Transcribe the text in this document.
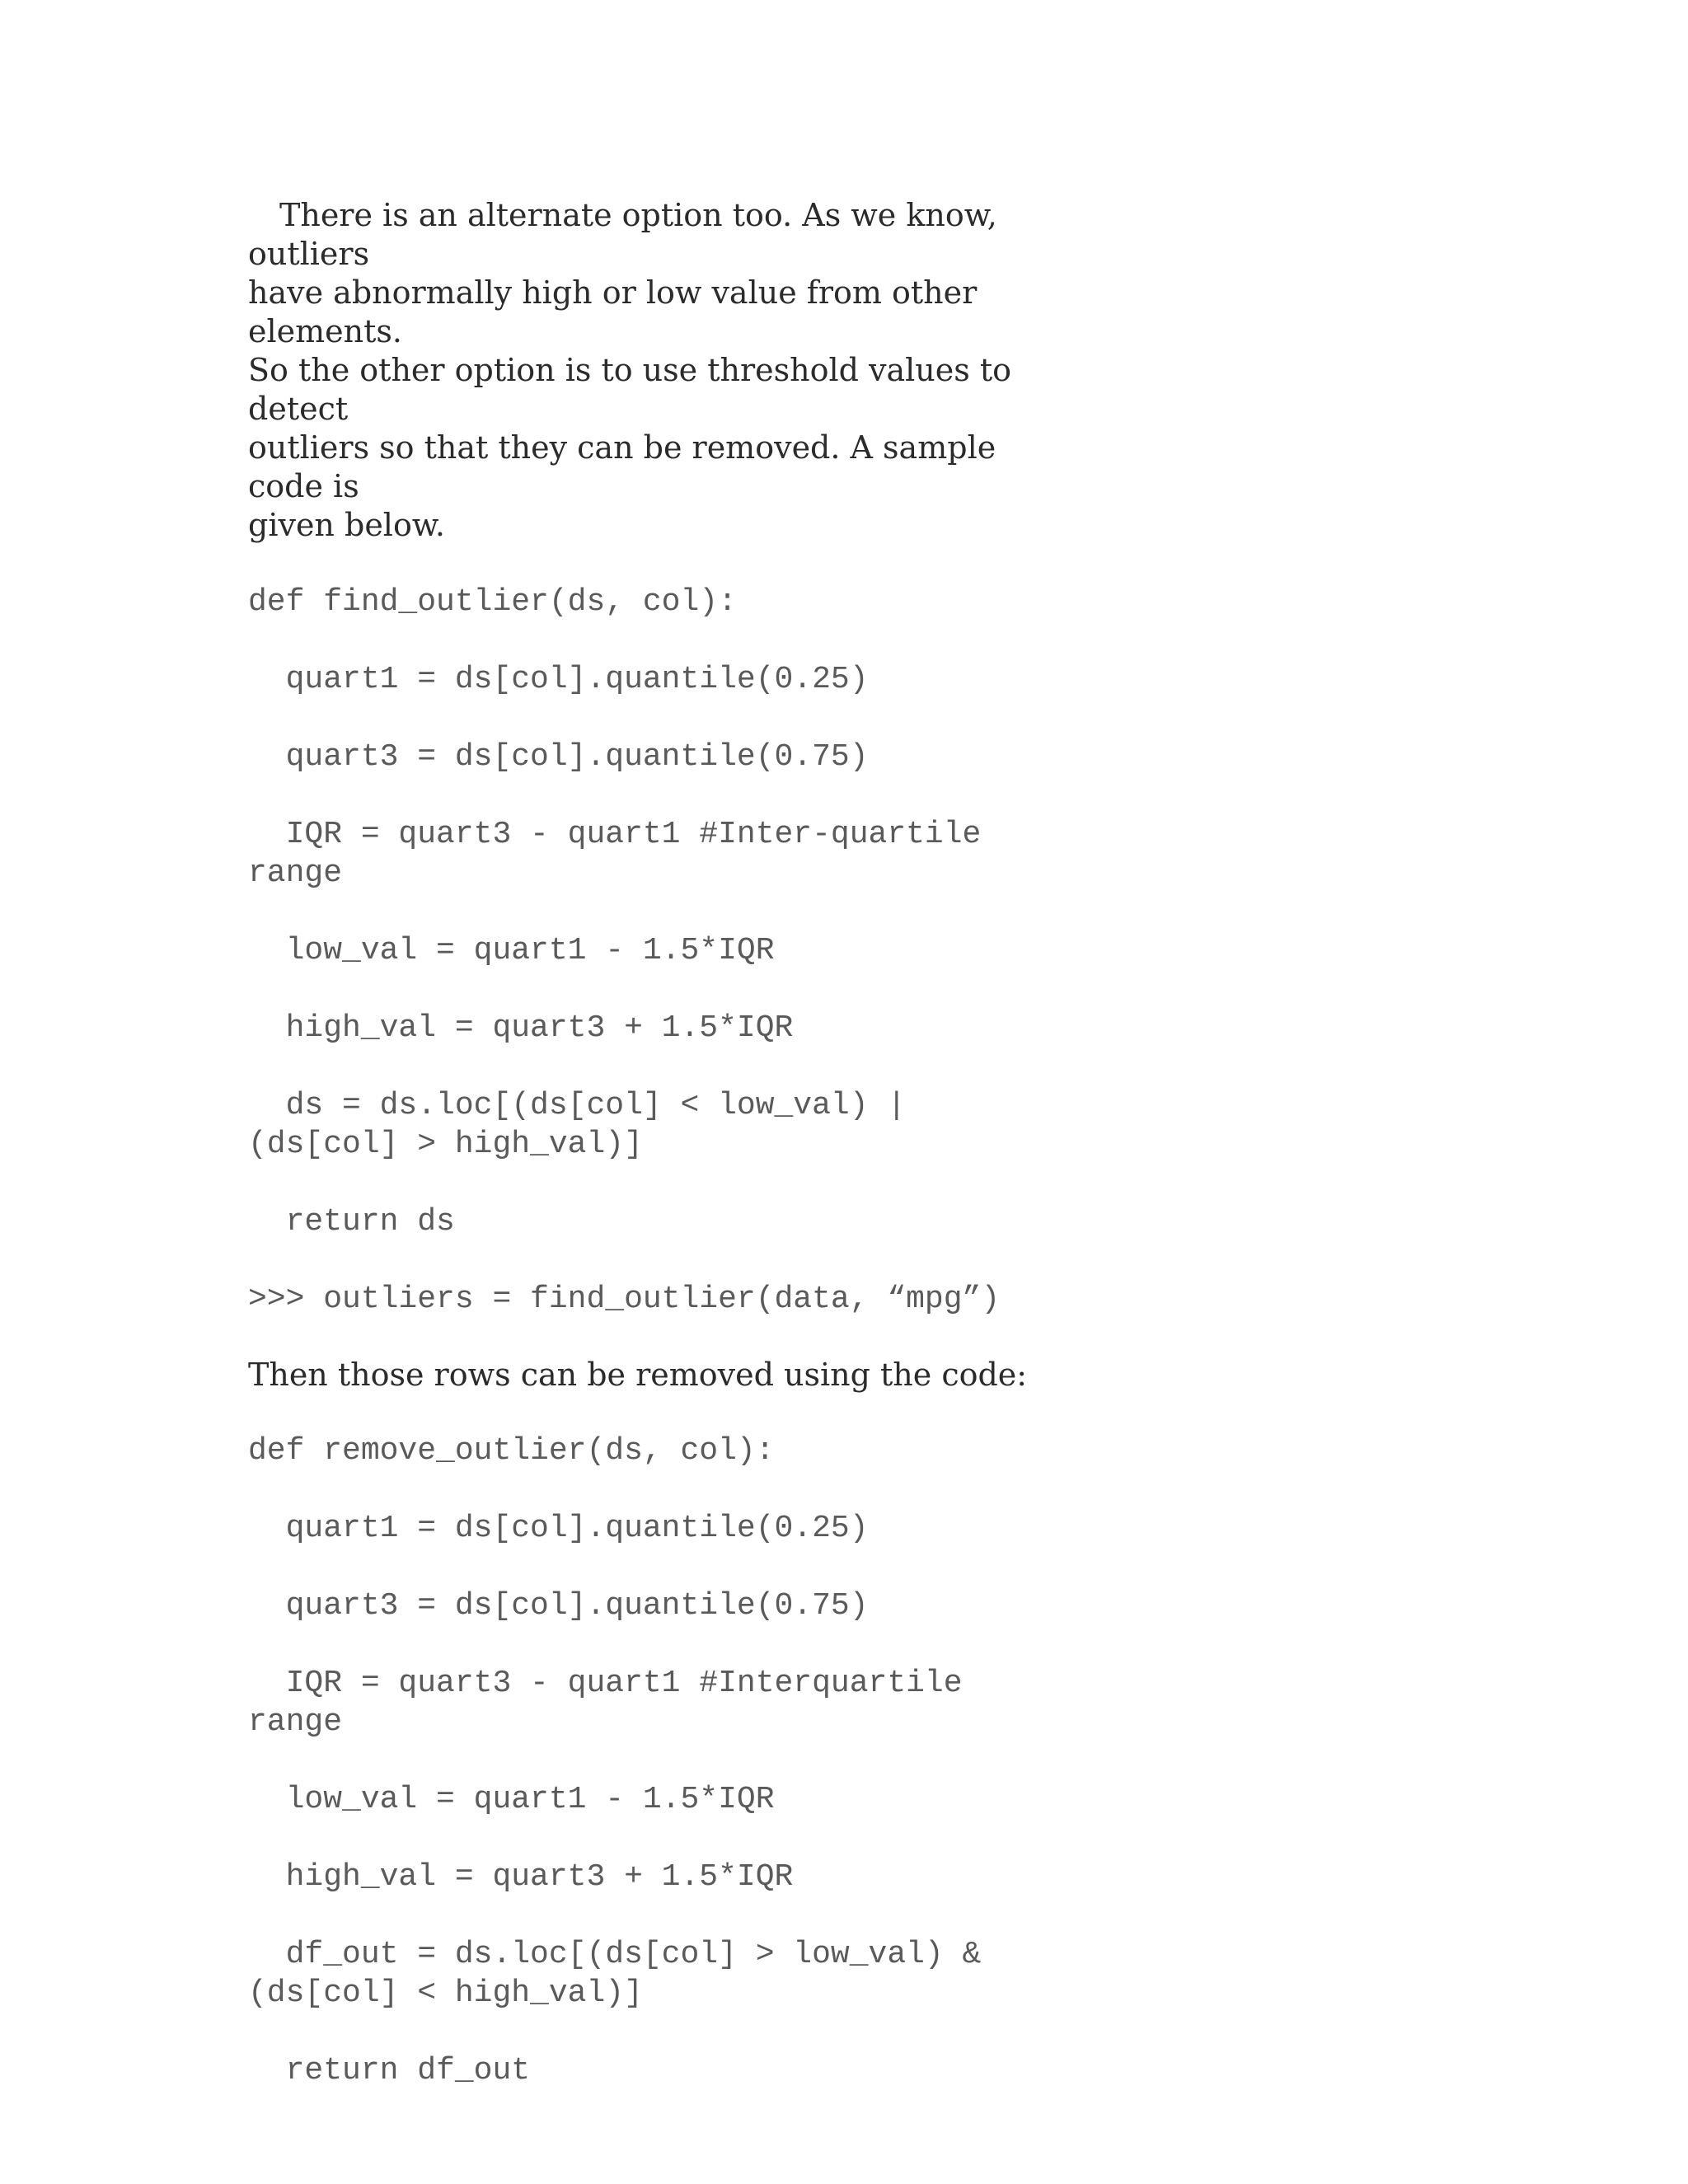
There is an alternate option too. As we know, outliers
have abnormally high or low value from other elements.
So the other option is to use threshold values to detect
outliers so that they can be removed. A sample code is
given below.

def find_outlier(ds, col):

quart1 = ds[col].quantile(0.25)

quart3 = ds[col].quantile(0.75)

IQR = quart3 - quart1 #Inter-quartile
range

low_val = quart1 - 1.5*IQR

high_val = quart3 + 1.5*IQR

ds = ds.loc[(ds[col] < low_val) |
(ds[col] > high_val)]

return ds

>>> outliers = find_outlier(data, “mpg”)

Then those rows can be removed using the code:

def remove_outlier(ds, col):

quart1 = ds[col].quantile(0.25)

quart3 = ds[col].quantile(0.75)

IQR = quart3 - quart1 #Interquartile
range

low_val = quart1 - 1.5*IQR

high_val = quart3 + 1.5*IQR

df_out = ds.loc[(ds[col] > low_val) &
(ds[col] < high_val)]

return df_out
